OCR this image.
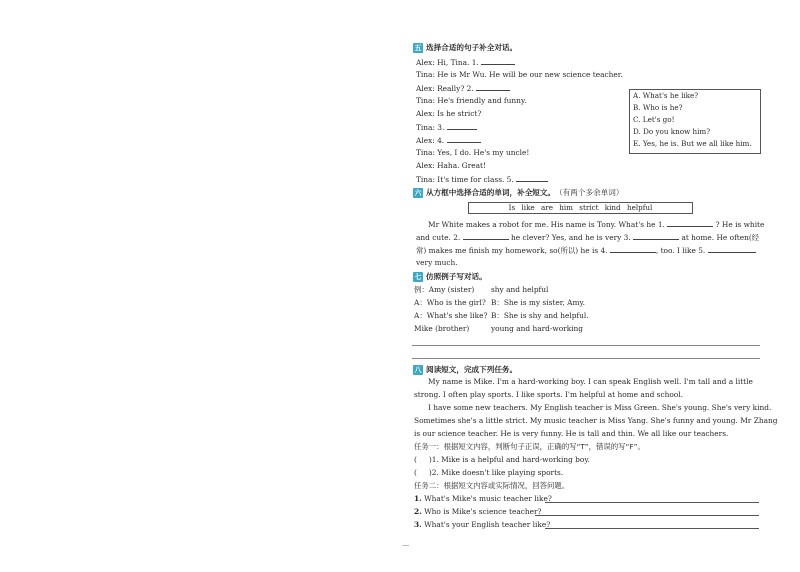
五 选择合适的句子补全对话。
Alex: Hi, Tina. 1.
Tina: He is Mr Wu. He will be our new science teacher.
Alex: Really? 2.
Tina: He's friendly and funny.
Alex: Is he strict?
Tina: 3.
Alex: 4.
Tina: Yes, I do. He's my uncle!
Alex: Haha. Great!
Tina: It's time for class. 5.
A. What's he like?
B. Who is he?
C. Let's go!
D. Do you know him?
E. Yes, he is. But we all like him.
六 从方框中选择合适的单词，补全短文。 （有两个多余单词）
Is like are him strict kind helpful
Mr White makes a robot for me. His name is Tony. What's he 1.	? He is white
and cute. 2.	he clever? Yes, and he is very 3.	at home. He often(经
常) makes me finish my homework, so(所以) he is 4.	, too. I like 5.
very much.
七 仿照例子写对话。
例：Amy (sister) shy and helpful
A：Who is the girl? B：She is my sister, Amy.
A：What's she like? B：She is shy and helpful.
Mike (brother)	young and hard-working
八 阅读短文，完成下列任务。
My name is Mike. I'm a hard-working boy. I can speak English well. I'm tall and a little
strong. I often play sports. I like sports. I'm helpful at home and school.
I have some new teachers. My English teacher is Miss Green. She's young. She's very kind.
Sometimes she's a little strict. My music teacher is Miss Yang. She's funny and young. Mr Zhang
is our science teacher. He is very funny. He is tall and thin. We all like our teachers.
任务一：根据短文内容，判断句子正误，正确的写“T”，错误的写“F”。
( )1. Mike is a helpful and hard-working boy.
( )2. Mike doesn't like playing sports.
任务二：根据短文内容或实际情况，回答问题。
1. What's Mike's music teacher like?
2. Who is Mike's science teacher?
3. What's your English teacher like?
—
